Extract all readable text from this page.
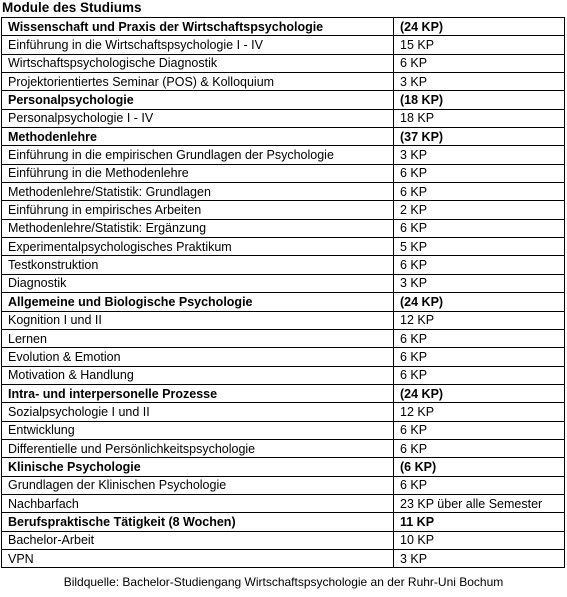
Module des Studiums
Wissenschaft und Praxis der Wirtschaftspsychologie	(24 KP)
Einführung in die Wirtschaftspsychologie I - IV	15 KP
Wirtschaftspsychologische Diagnostik	6 KP
Projektorientiertes Seminar (POS) & Kolloquium	3 KP
Personalpsychologie	(18 KP)
Personalpsychologie I - IV	18 KP
Methodenlehre	(37 KP)
Einführung in die empirischen Grundlagen der Psychologie	3 KP
Einführung in die Methodenlehre	6 KP
Methodenlehre/Statistik: Grundlagen	6 KP
Einführung in empirisches Arbeiten	2 KP
Methodenlehre/Statistik: Ergänzung	6 KP
Experimentalpsychologisches Praktikum	5 KP
Testkonstruktion	6 KP
Diagnostik	3 KP
Allgemeine und Biologische Psychologie	(24 KP)
Kognition I und II	12 KP
Lernen	6 KP
Evolution & Emotion	6 KP
Motivation & Handlung	6 KP
Intra- und interpersonelle Prozesse	(24 KP)
Sozialpsychologie I und II	12 KP
Entwicklung	6 KP
Differentielle und Persönlichkeitspsychologie	6 KP
Klinische Psychologie	(6 KP)
Grundlagen der Klinischen Psychologie	6 KP
Nachbarfach	23 KP über alle Semester
Berufspraktische Tätigkeit (8 Wochen)	11 KP
Bachelor-Arbeit	10 KP
VPN	3 KP
Bildquelle: Bachelor-Studiengang Wirtschaftspsychologie an der Ruhr-Uni Bochum
